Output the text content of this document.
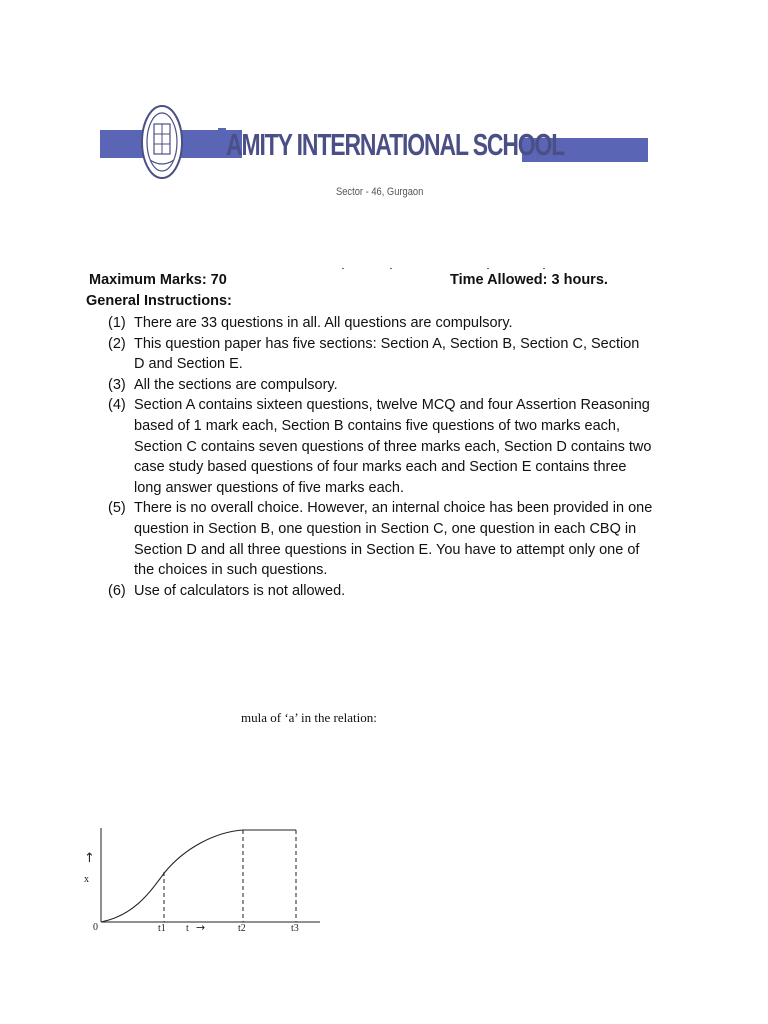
AMITY INTERNATIONAL SCHOOL
Sector - 46, Gurgaon
Maximum Marks: 70	Time Allowed: 3 hours.
General Instructions:
(1) There are 33 questions in all. All questions are compulsory.
(2) This question paper has five sections: Section A, Section B, Section C, Section D and Section E.
(3) All the sections are compulsory.
(4) Section A contains sixteen questions, twelve MCQ and four Assertion Reasoning based of 1 mark each, Section B contains five questions of two marks each, Section C contains seven questions of three marks each, Section D contains two case study based questions of four marks each and Section E contains three long answer questions of five marks each.
(5) There is no overall choice. However, an internal choice has been provided in one question in Section B, one question in Section C, one question in each CBQ in Section D and all three questions in Section E. You have to attempt only one of the choices in such questions.
(6) Use of calculators is not allowed.
mula of ‘a’ in the relation:
↑
x
0	t1 t →	t2	t3
